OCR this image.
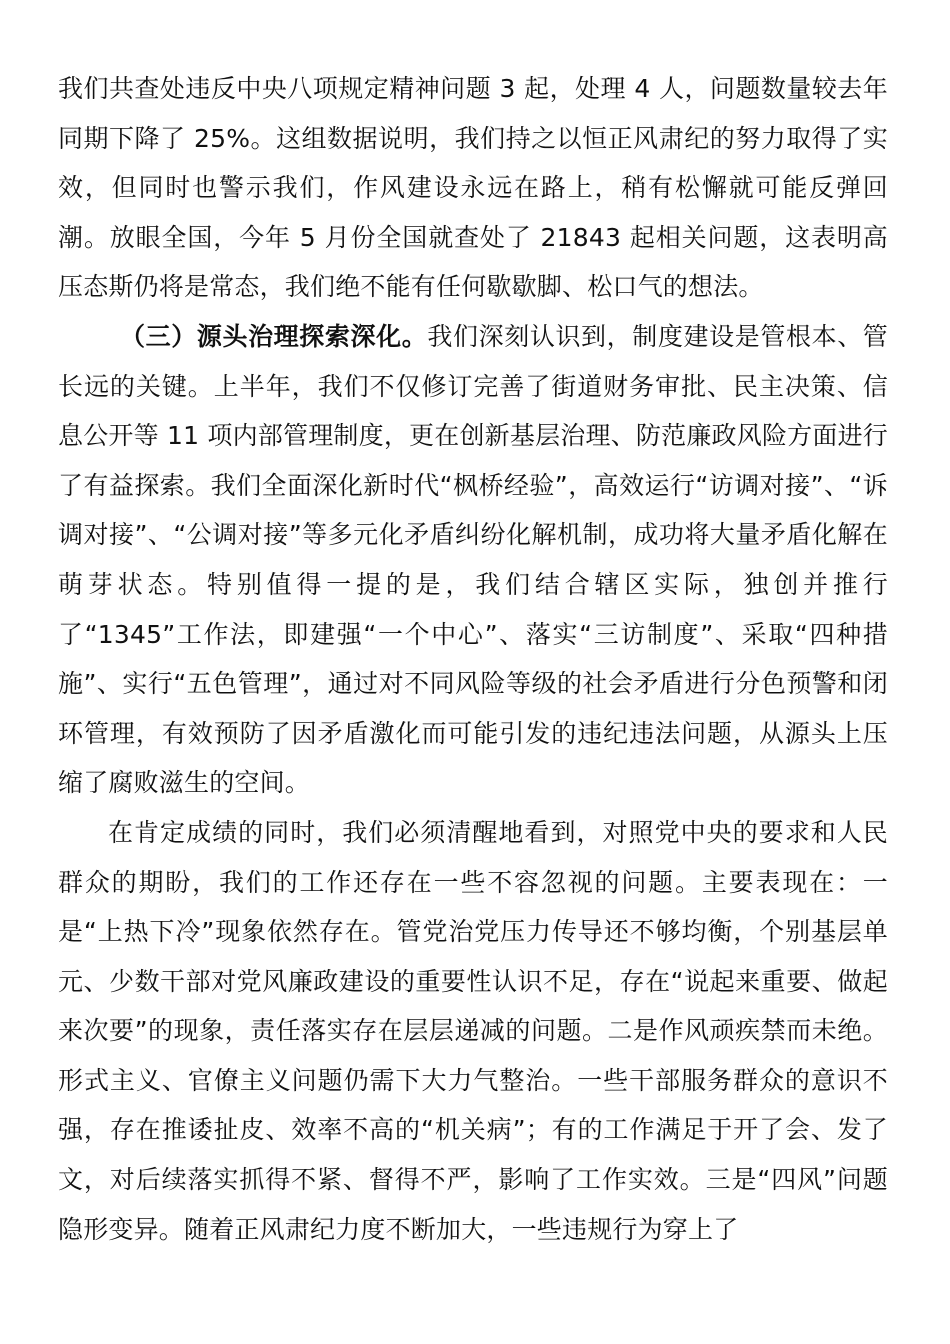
我们共查处违反中央八项规定精神问题 3 起，处理 4 人，问题数量较去年同期下降了 25%。这组数据说明，我们持之以恒正风肃纪的努力取得了实效，但同时也警示我们，作风建设永远在路上，稍有松懈就可能反弹回潮。放眼全国，今年 5 月份全国就查处了 21843 起相关问题，这表明高压态斯仍将是常态，我们绝不能有任何歇歇脚、松口气的想法。

（三）源头治理探索深化。我们深刻认识到，制度建设是管根本、管长远的关键。上半年，我们不仅修订完善了街道财务审批、民主决策、信息公开等 11 项内部管理制度，更在创新基层治理、防范廉政风险方面进行了有益探索。我们全面深化新时代“枫桥经验”，高效运行“访调对接”、“诉调对接”、“公调对接”等多元化矛盾纠纷化解机制，成功将大量矛盾化解在萌芽状态。特别值得一提的是，我们结合辖区实际，独创并推行了“1345”工作法，即建强“一个中心”、落实“三访制度”、采取“四种措施”、实行“五色管理”，通过对不同风险等级的社会矛盾进行分色预警和闭环管理，有效预防了因矛盾激化而可能引发的违纪违法问题，从源头上压缩了腐败滋生的空间。

在肯定成绩的同时，我们必须清醒地看到，对照党中央的要求和人民群众的期盼，我们的工作还存在一些不容忽视的问题。主要表现在：一是“上热下冷”现象依然存在。管党治党压力传导还不够均衡，个别基层单元、少数干部对党风廉政建设的重要性认识不足，存在“说起来重要、做起来次要”的现象，责任落实存在层层递减的问题。二是作风顽疾禁而未绝。形式主义、官僚主义问题仍需下大力气整治。一些干部服务群众的意识不强，存在推诿扯皮、效率不高的“机关病”；有的工作满足于开了会、发了文，对后续落实抓得不紧、督得不严，影响了工作实效。三是“四风”问题隐形变异。随着正风肃纪力度不断加大，一些违规行为穿上了
